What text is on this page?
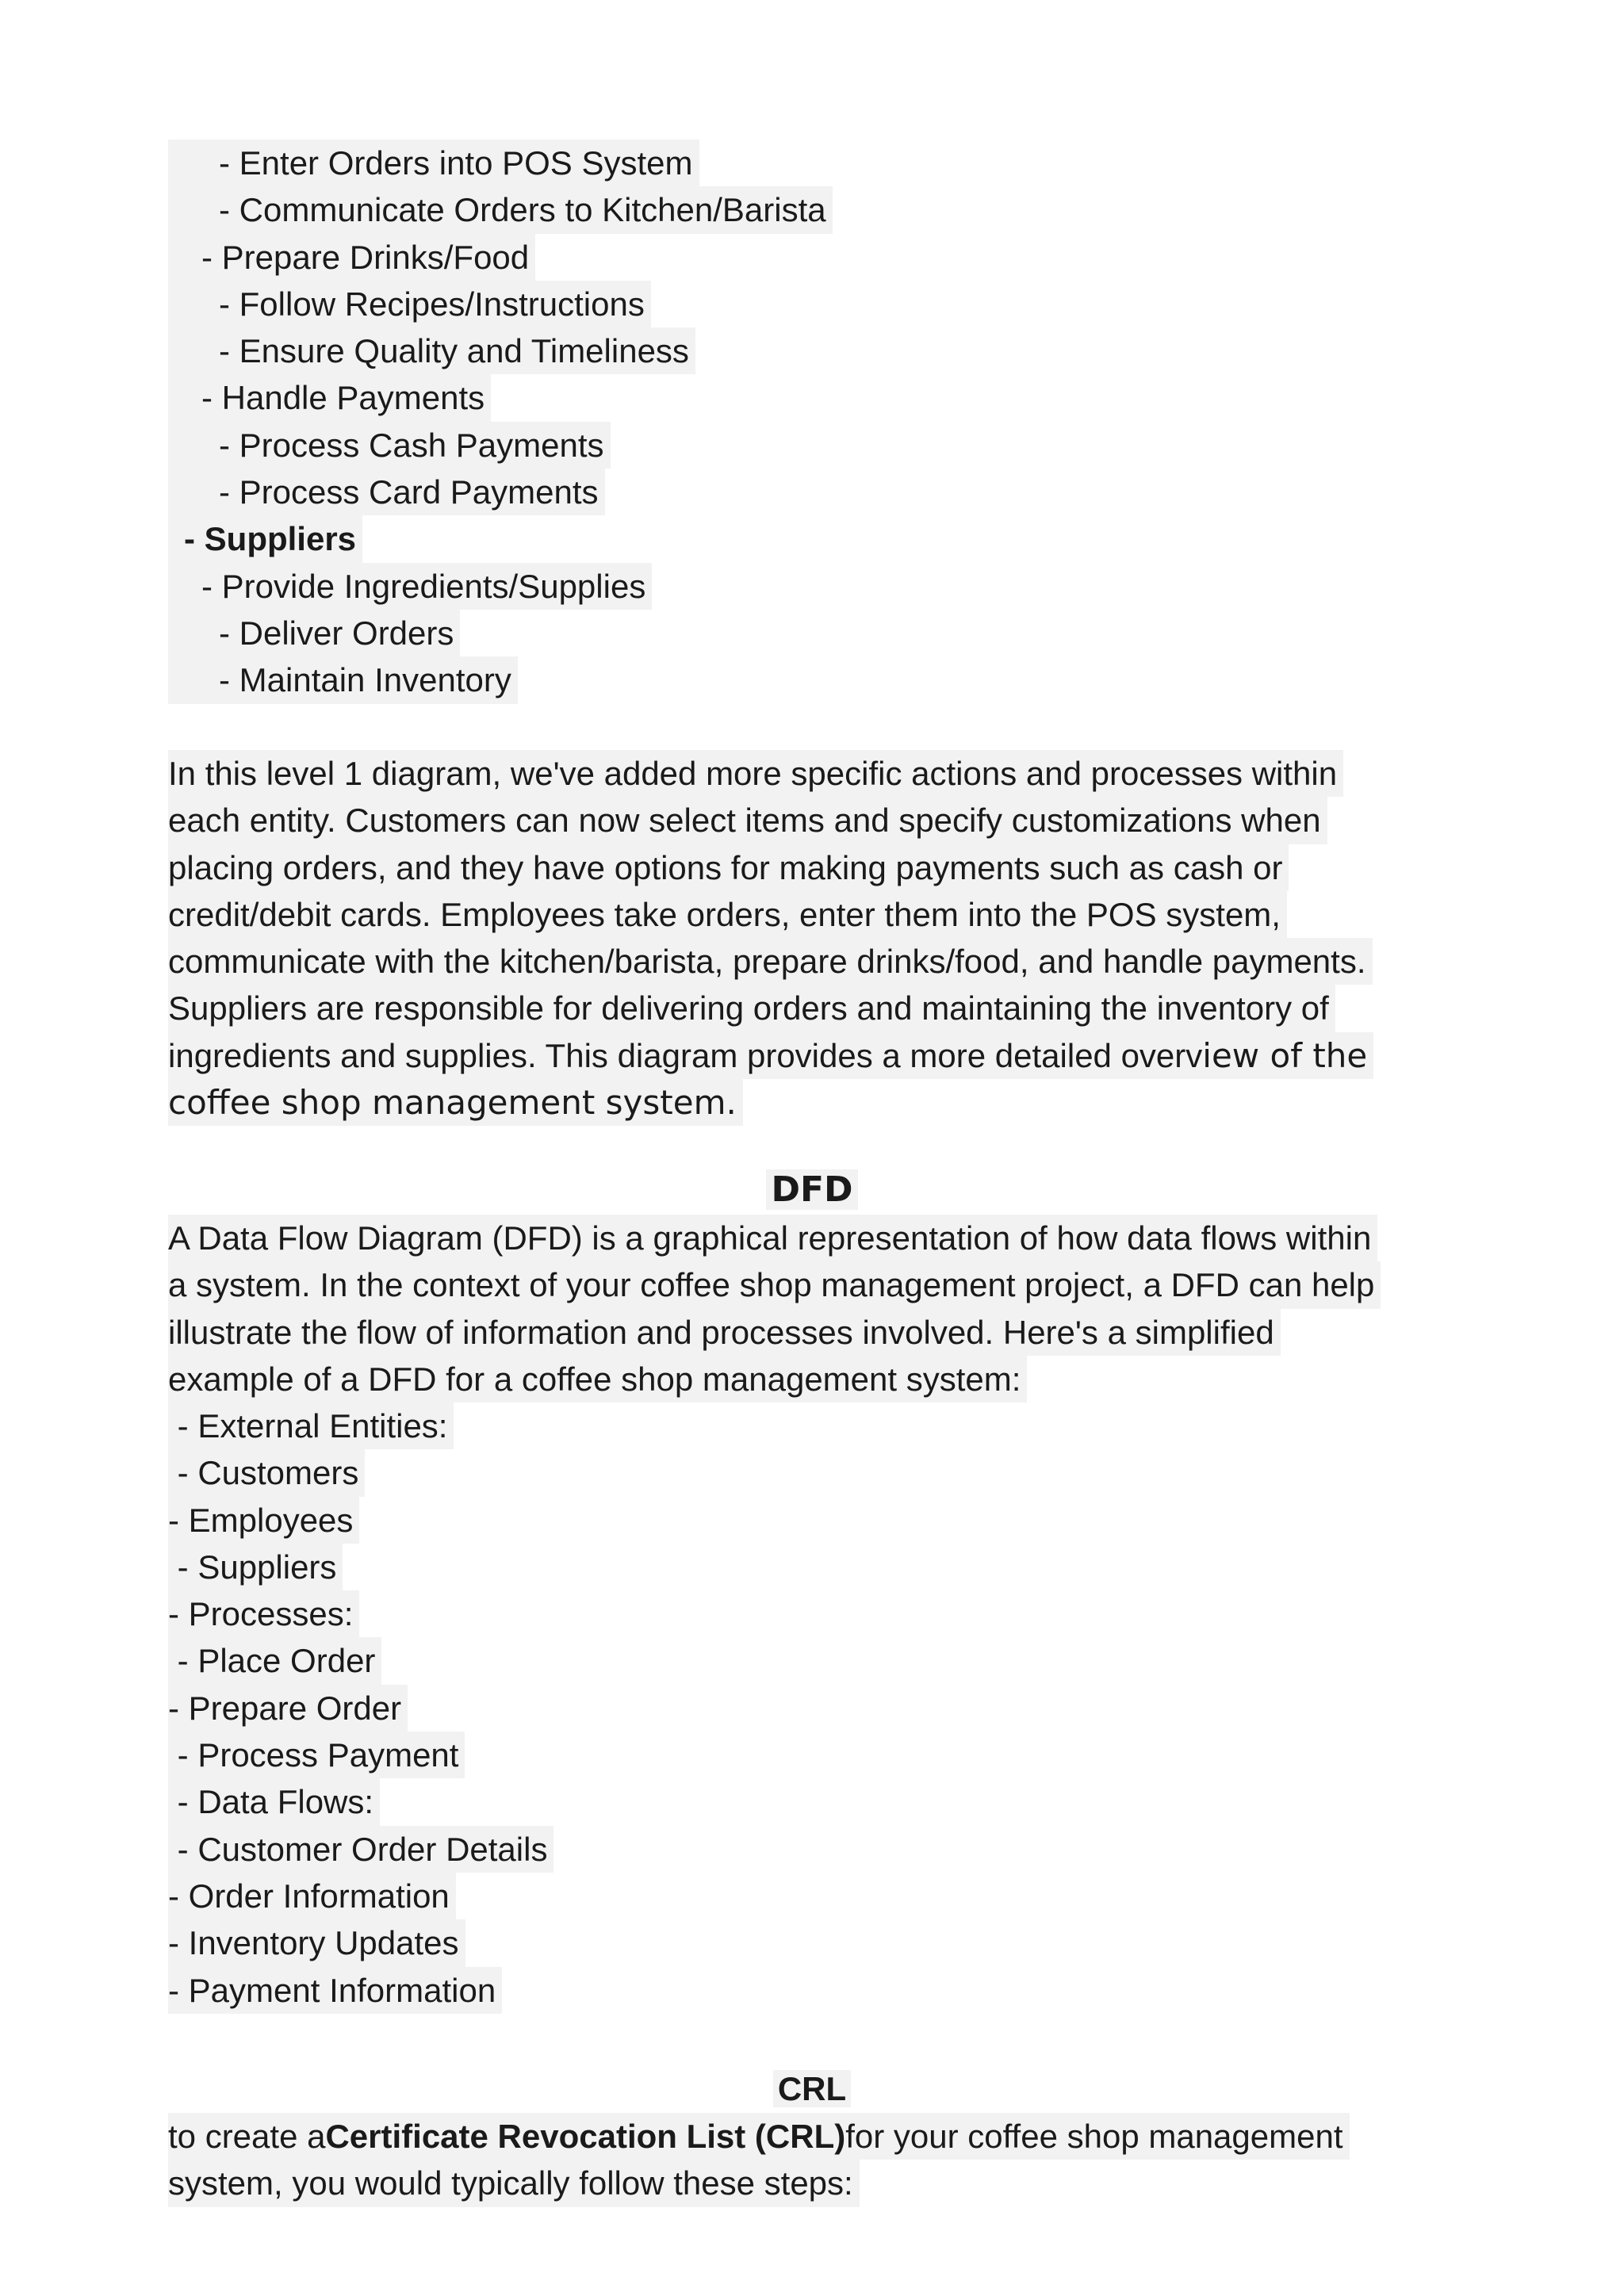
- Enter Orders into POS System
- Communicate Orders to Kitchen/Barista
- Prepare Drinks/Food
- Follow Recipes/Instructions
- Ensure Quality and Timeliness
- Handle Payments
- Process Cash Payments
- Process Card Payments
- Suppliers
- Provide Ingredients/Supplies
- Deliver Orders
- Maintain Inventory
In this level 1 diagram, we've added more specific actions and processes within
each entity. Customers can now select items and specify customizations when
placing orders, and they have options for making payments such as cash or
credit/debit cards. Employees take orders, enter them into the POS system,
communicate with the kitchen/barista, prepare drinks/food, and handle payments.
Suppliers are responsible for delivering orders and maintaining the inventory of
ingredients and supplies. This diagram provides a more detailed overview of the
coffee shop management system.
DFD
A Data Flow Diagram (DFD) is a graphical representation of how data flows within
a system. In the context of your coffee shop management project, a DFD can help
illustrate the flow of information and processes involved. Here's a simplified
example of a DFD for a coffee shop management system:
- External Entities:
- Customers
- Employees
- Suppliers
- Processes:
- Place Order
- Prepare Order
- Process Payment
- Data Flows:
- Customer Order Details
- Order Information
- Inventory Updates
- Payment Information
CRL
to create aCertificate Revocation List (CRL)for your coffee shop management
system, you would typically follow these steps:
